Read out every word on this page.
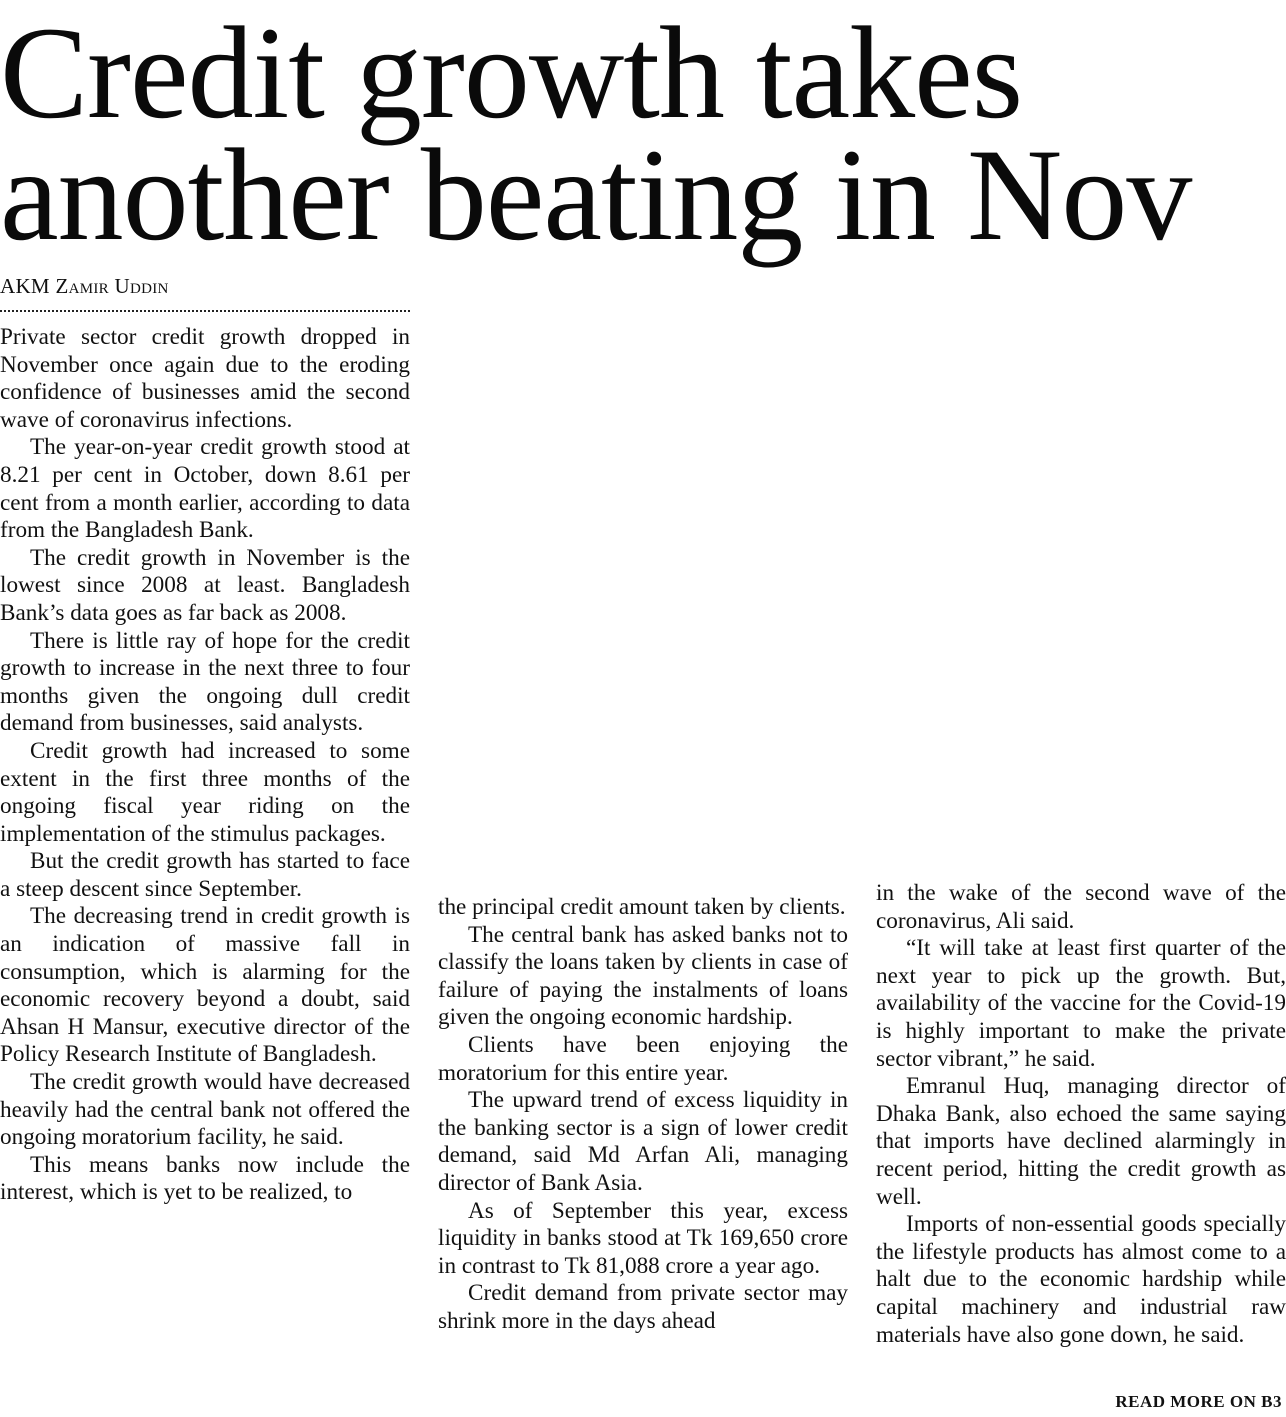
Credit growth takes
another beating in Nov
AKM Zamir Uddin

Private sector credit growth dropped in November once again due to the eroding confidence of businesses amid the second wave of coronavirus infections.

The year-on-year credit growth stood at 8.21 per cent in October, down 8.61 per cent from a month earlier, according to data from the Bangladesh Bank.

The credit growth in November is the lowest since 2008 at least. Bangladesh Bank’s data goes as far back as 2008.

There is little ray of hope for the credit growth to increase in the next three to four months given the ongoing dull credit demand from businesses, said analysts.

Credit growth had increased to some extent in the first three months of the ongoing fiscal year riding on the implementation of the stimulus packages.

But the credit growth has started to face a steep descent since September.

The decreasing trend in credit growth is an indication of massive fall in consumption, which is alarming for the economic recovery beyond a doubt, said Ahsan H Mansur, executive director of the Policy Research Institute of Bangladesh.

The credit growth would have decreased heavily had the central bank not offered the ongoing moratorium facility, he said.

This means banks now include the interest, which is yet to be realized, to

the principal credit amount taken by clients.

The central bank has asked banks not to classify the loans taken by clients in case of failure of paying the instalments of loans given the ongoing economic hardship.

Clients have been enjoying the moratorium for this entire year.

The upward trend of excess liquidity in the banking sector is a sign of lower credit demand, said Md Arfan Ali, managing director of Bank Asia.

As of September this year, excess liquidity in banks stood at Tk 169,650 crore in contrast to Tk 81,088 crore a year ago.

Credit demand from private sector may shrink more in the days ahead

in the wake of the second wave of the coronavirus, Ali said.

“It will take at least first quarter of the next year to pick up the growth. But, availability of the vaccine for the Covid-19 is highly important to make the private sector vibrant,” he said.

Emranul Huq, managing director of Dhaka Bank, also echoed the same saying that imports have declined alarmingly in recent period, hitting the credit growth as well.

Imports of non-essential goods specially the lifestyle products has almost come to a halt due to the economic hardship while capital machinery and industrial raw materials have also gone down, he said.

READ MORE ON B3
